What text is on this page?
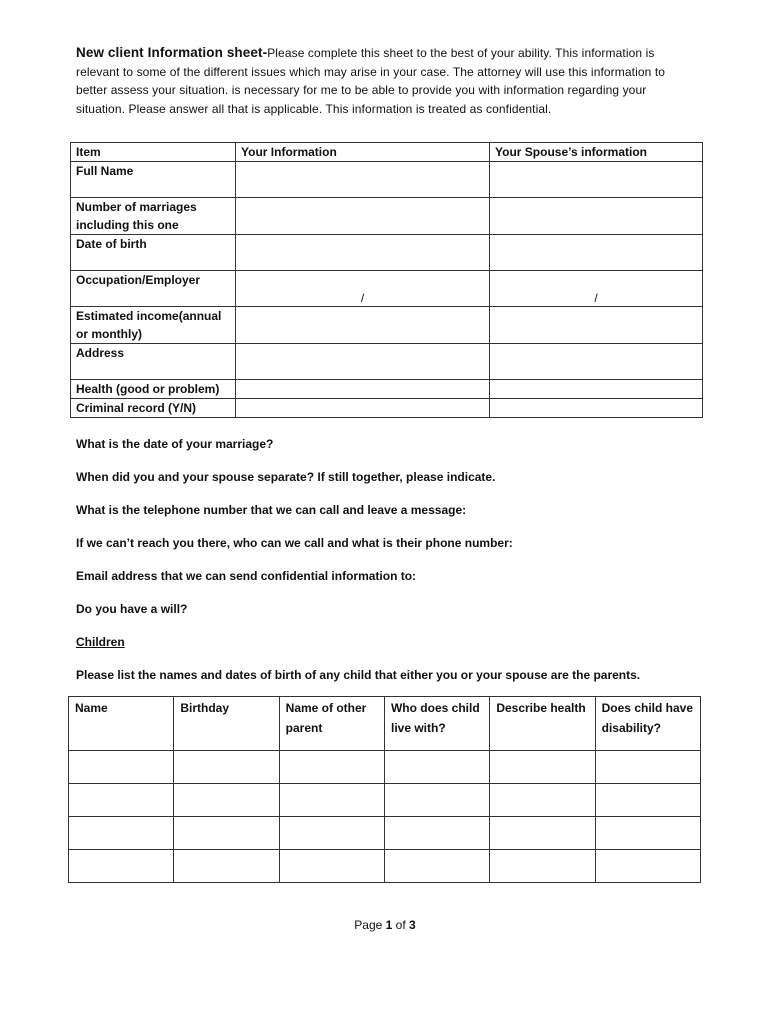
New client Information sheet-Please complete this sheet to the best of your ability. This information is relevant to some of the different issues which may arise in your case. The attorney will use this information to better assess your situation. is necessary for me to be able to provide you with information regarding your situation. Please answer all that is applicable. This information is treated as confidential.
Item	Your Information	Your Spouse’s information
Full Name		
Number of marriages including this one		
Date of birth		
Occupation/Employer	/	/
Estimated income(annual or monthly)		
Address		
Health (good or problem)		
Criminal record (Y/N)		
What is the date of your marriage?
When did you and your spouse separate? If still together, please indicate.
What is the telephone number that we can call and leave a message:
If we can’t reach you there, who can we call and what is their phone number:
Email address that we can send confidential information to:
Do you have a will?
Children
Please list the names and dates of birth of any child that either you or your spouse are the parents.
Name	Birthday	Name of other parent	Who does child live with?	Describe health	Does child have disability?

Page 1 of 3
